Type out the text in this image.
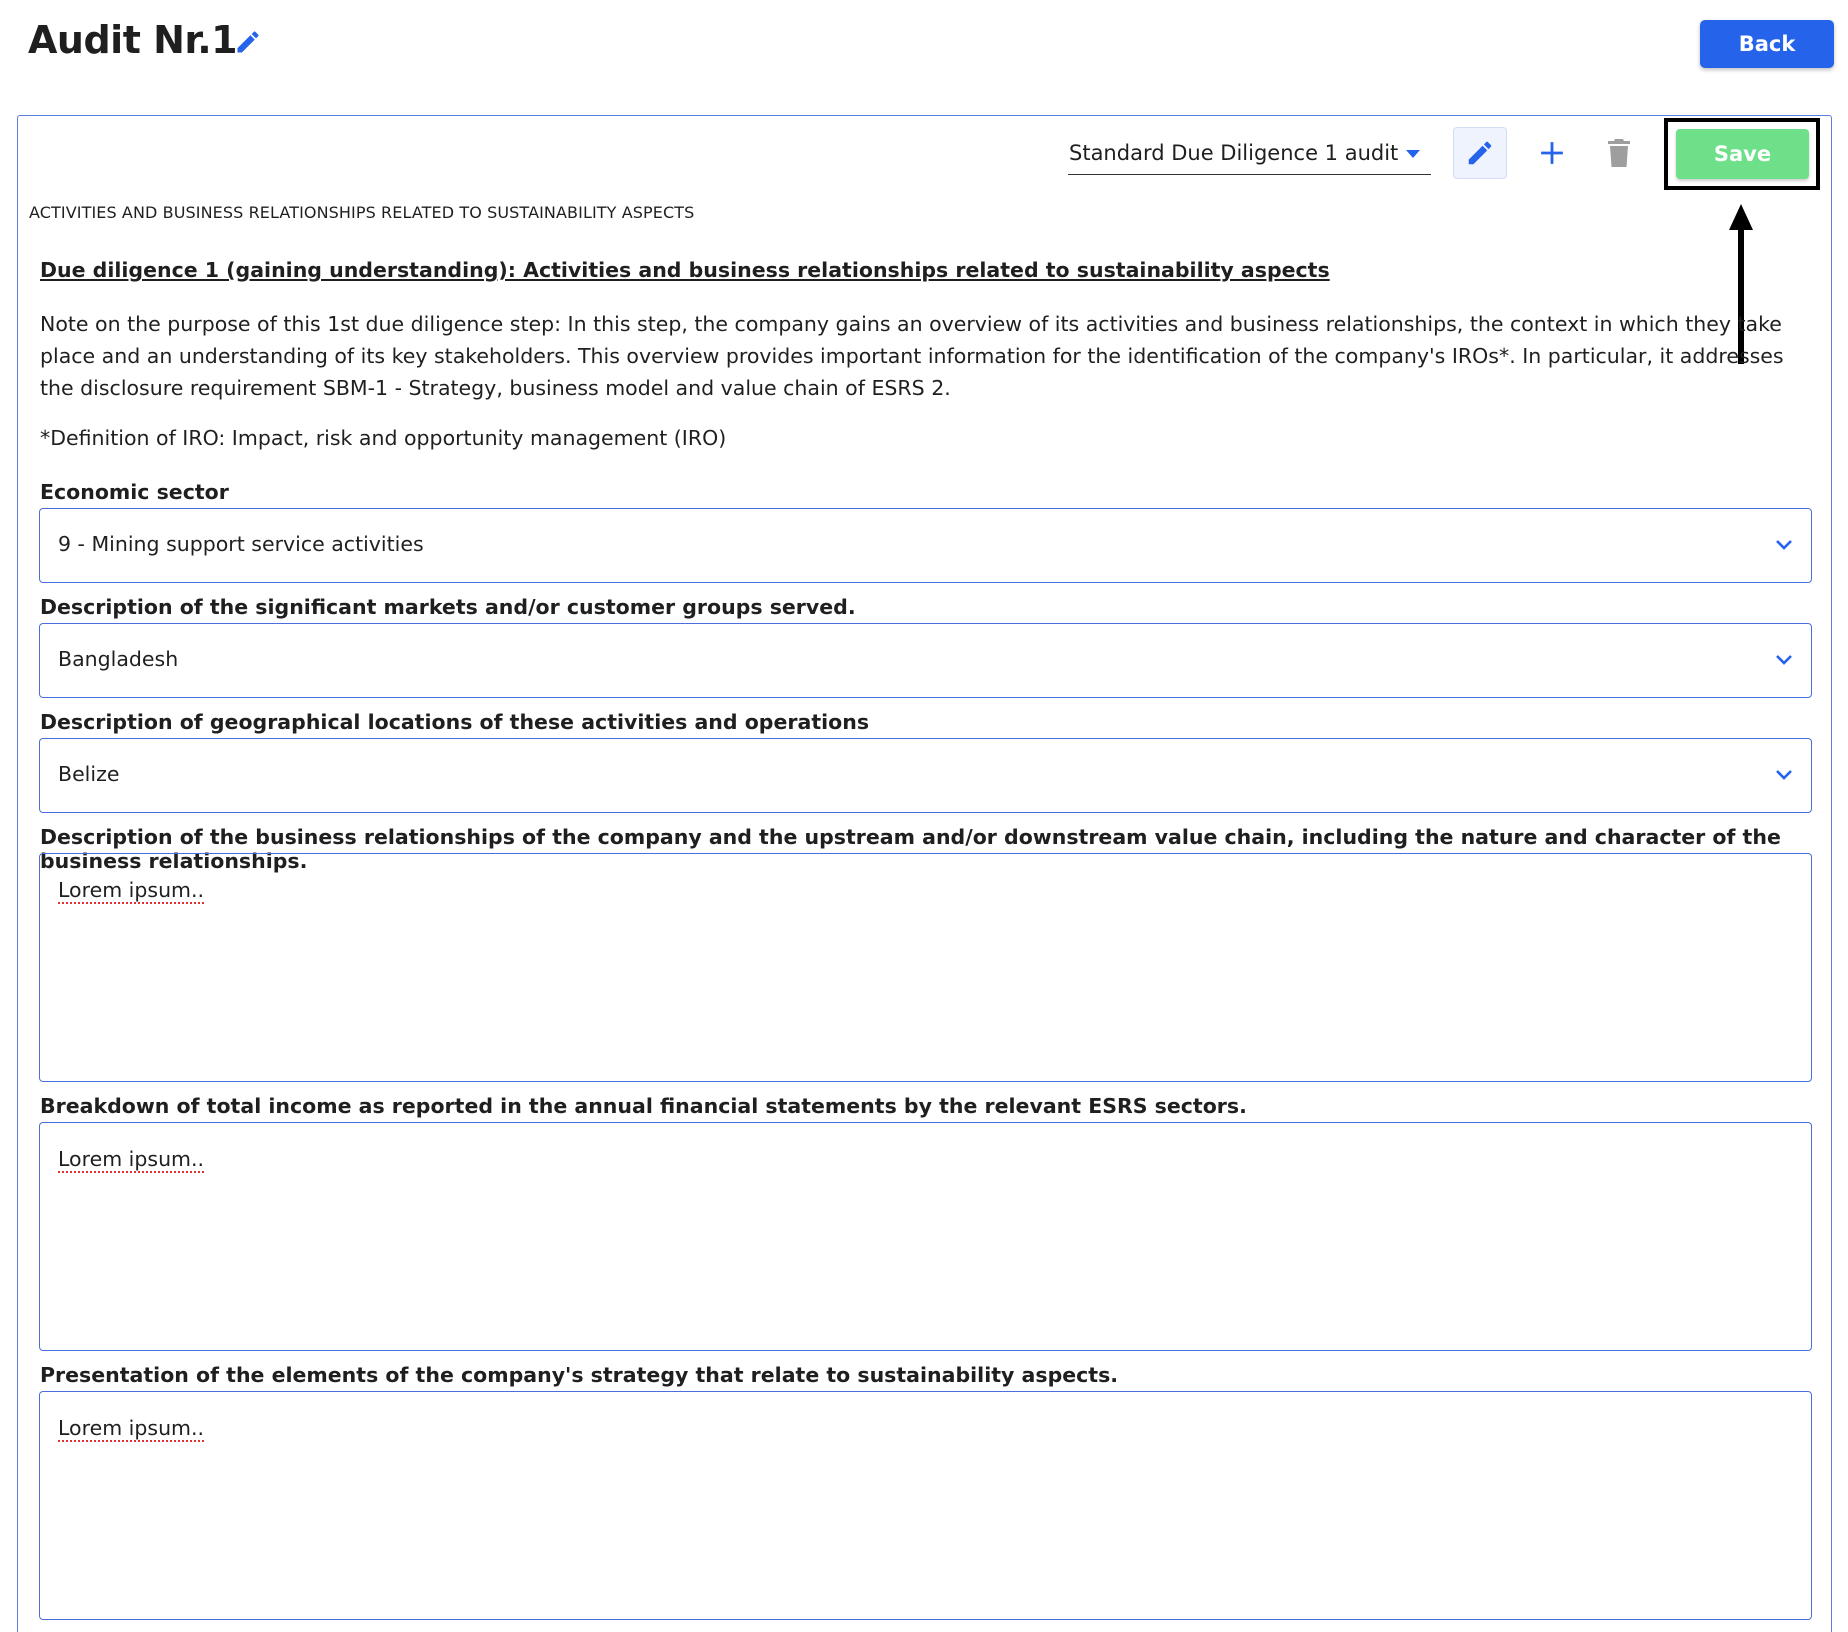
Audit Nr.1	Back
Standard Due Diligence 1 audit	Save
ACTIVITIES AND BUSINESS RELATIONSHIPS RELATED TO SUSTAINABILITY ASPECTS
Due diligence 1 (gaining understanding): Activities and business relationships related to sustainability aspects

Note on the purpose of this 1st due diligence step: In this step, the company gains an overview of its activities and business relationships, the context in which they take place and an understanding of its key stakeholders. This overview provides important information for the identification of the company's IROs*. In particular, it addresses the disclosure requirement SBM-1 - Strategy, business model and value chain of ESRS 2.

*Definition of IRO: Impact, risk and opportunity management (IRO)

Economic sector
9 - Mining support service activities
Description of the significant markets and/or customer groups served.
Bangladesh
Description of geographical locations of these activities and operations
Belize
Description of the business relationships of the company and the upstream and/or downstream value chain, including the nature and character of the business relationships.
Lorem ipsum..
Breakdown of total income as reported in the annual financial statements by the relevant ESRS sectors.
Lorem ipsum..
Presentation of the elements of the company's strategy that relate to sustainability aspects.
Lorem ipsum..
